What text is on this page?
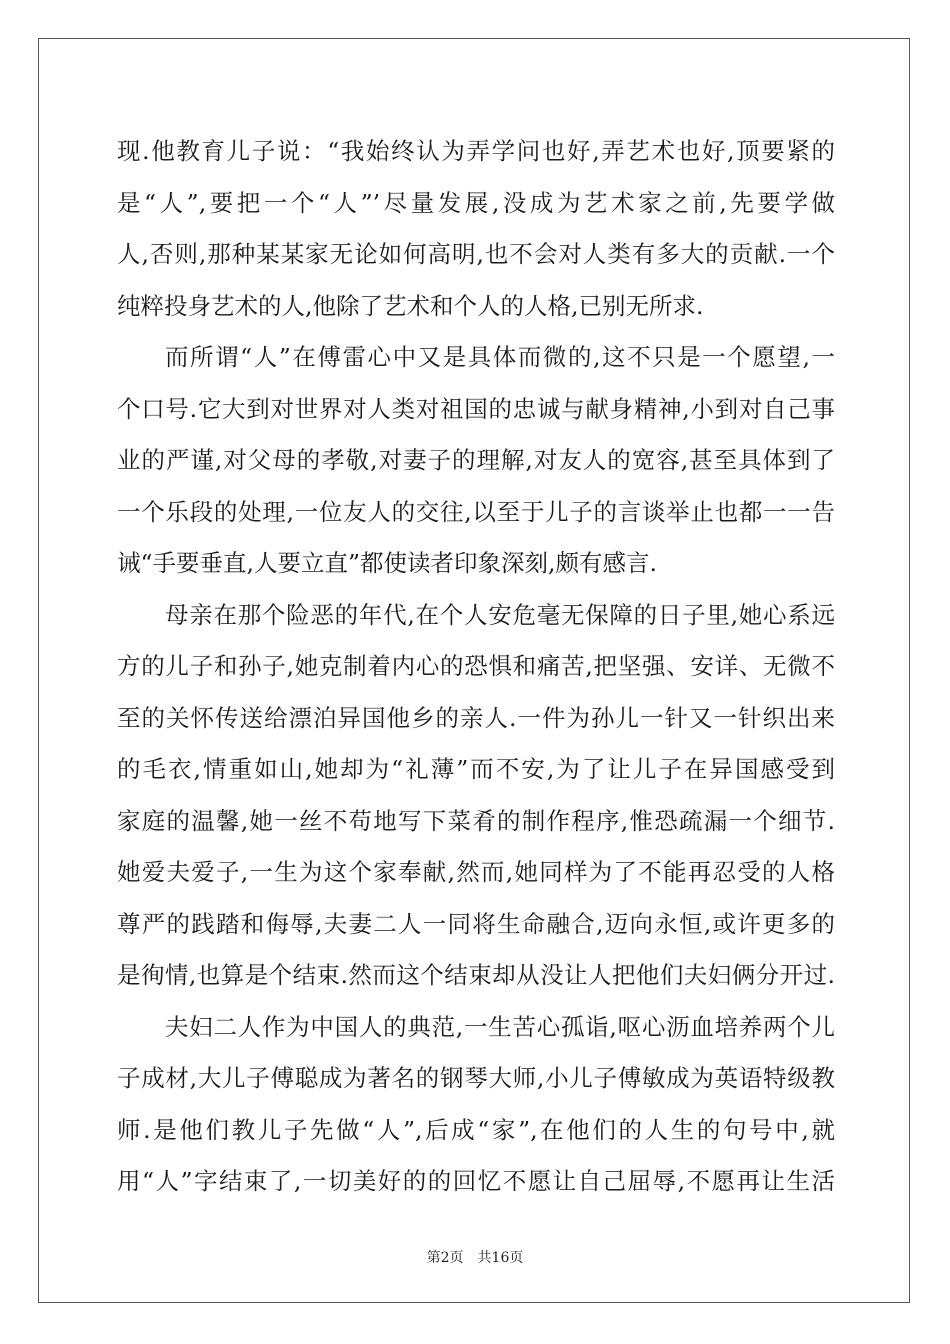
现.他教育儿子说：“我始终认为弄学问也好,弄艺术也好,顶要紧的
是“人”,要把一个“人”’尽量发展,没成为艺术家之前,先要学做
人,否则,那种某某家无论如何高明,也不会对人类有多大的贡献.一个
纯粹投身艺术的人,他除了艺术和个人的人格,已别无所求.
而所谓“人”在傅雷心中又是具体而微的,这不只是一个愿望,一
个口号.它大到对世界对人类对祖国的忠诚与献身精神,小到对自己事
业的严谨,对父母的孝敬,对妻子的理解,对友人的宽容,甚至具体到了
一个乐段的处理,一位友人的交往,以至于儿子的言谈举止也都一一告
诫“手要垂直,人要立直”都使读者印象深刻,颇有感言.
母亲在那个险恶的年代,在个人安危毫无保障的日子里,她心系远
方的儿子和孙子,她克制着内心的恐惧和痛苦,把坚强、安详、无微不
至的关怀传送给漂泊异国他乡的亲人.一件为孙儿一针又一针织出来
的毛衣,情重如山,她却为“礼薄”而不安,为了让儿子在异国感受到
家庭的温馨,她一丝不苟地写下菜肴的制作程序,惟恐疏漏一个细节.
她爱夫爱子,一生为这个家奉献,然而,她同样为了不能再忍受的人格
尊严的践踏和侮辱,夫妻二人一同将生命融合,迈向永恒,或许更多的
是徇情,也算是个结束.然而这个结束却从没让人把他们夫妇俩分开过.
夫妇二人作为中国人的典范,一生苦心孤诣,呕心沥血培养两个儿
子成材,大儿子傅聪成为著名的钢琴大师,小儿子傅敏成为英语特级教
师.是他们教儿子先做“人”,后成“家”,在他们的人生的句号中,就
用“人”字结束了,一切美好的的回忆不愿让自己屈辱,不愿再让生活
第2页 共16页
